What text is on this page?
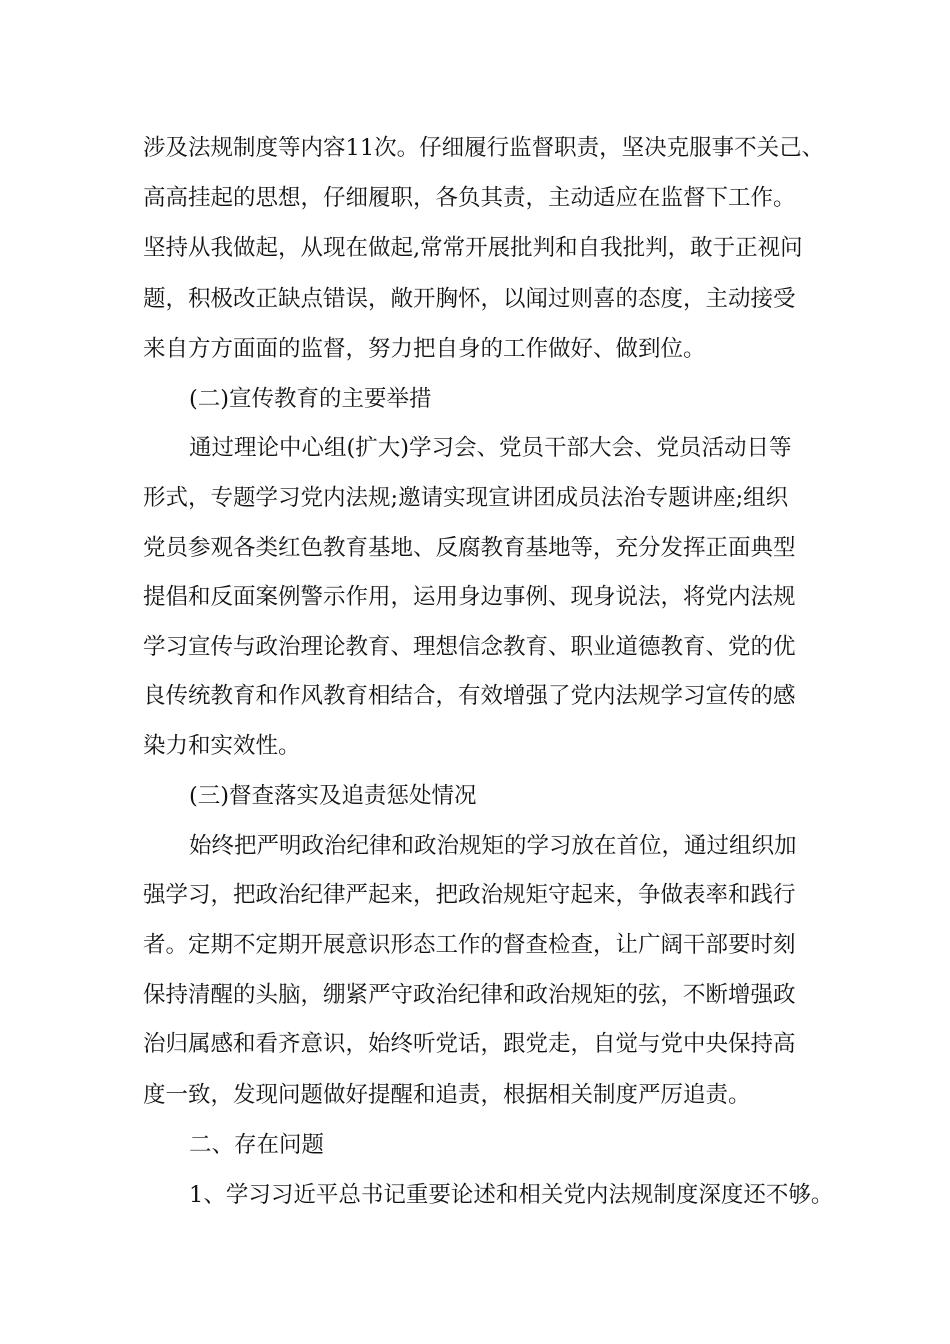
涉及法规制度等内容11次。仔细履行监督职责，坚决克服事不关己、
高高挂起的思想，仔细履职，各负其责，主动适应在监督下工作。
坚持从我做起，从现在做起,常常开展批判和自我批判，敢于正视问
题，积极改正缺点错误，敞开胸怀，以闻过则喜的态度，主动接受
来自方方面面的监督，努力把自身的工作做好、做到位。
(二)宣传教育的主要举措
通过理论中心组(扩大)学习会、党员干部大会、党员活动日等
形式，专题学习党内法规;邀请实现宣讲团成员法治专题讲座;组织
党员参观各类红色教育基地、反腐教育基地等，充分发挥正面典型
提倡和反面案例警示作用，运用身边事例、现身说法，将党内法规
学习宣传与政治理论教育、理想信念教育、职业道德教育、党的优
良传统教育和作风教育相结合，有效增强了党内法规学习宣传的感
染力和实效性。
(三)督查落实及追责惩处情况
始终把严明政治纪律和政治规矩的学习放在首位，通过组织加
强学习，把政治纪律严起来，把政治规矩守起来，争做表率和践行
者。定期不定期开展意识形态工作的督查检查，让广阔干部要时刻
保持清醒的头脑，绷紧严守政治纪律和政治规矩的弦，不断增强政
治归属感和看齐意识，始终听党话，跟党走，自觉与党中央保持高
度一致，发现问题做好提醒和追责，根据相关制度严厉追责。
二、存在问题
1、学习习近平总书记重要论述和相关党内法规制度深度还不够。
